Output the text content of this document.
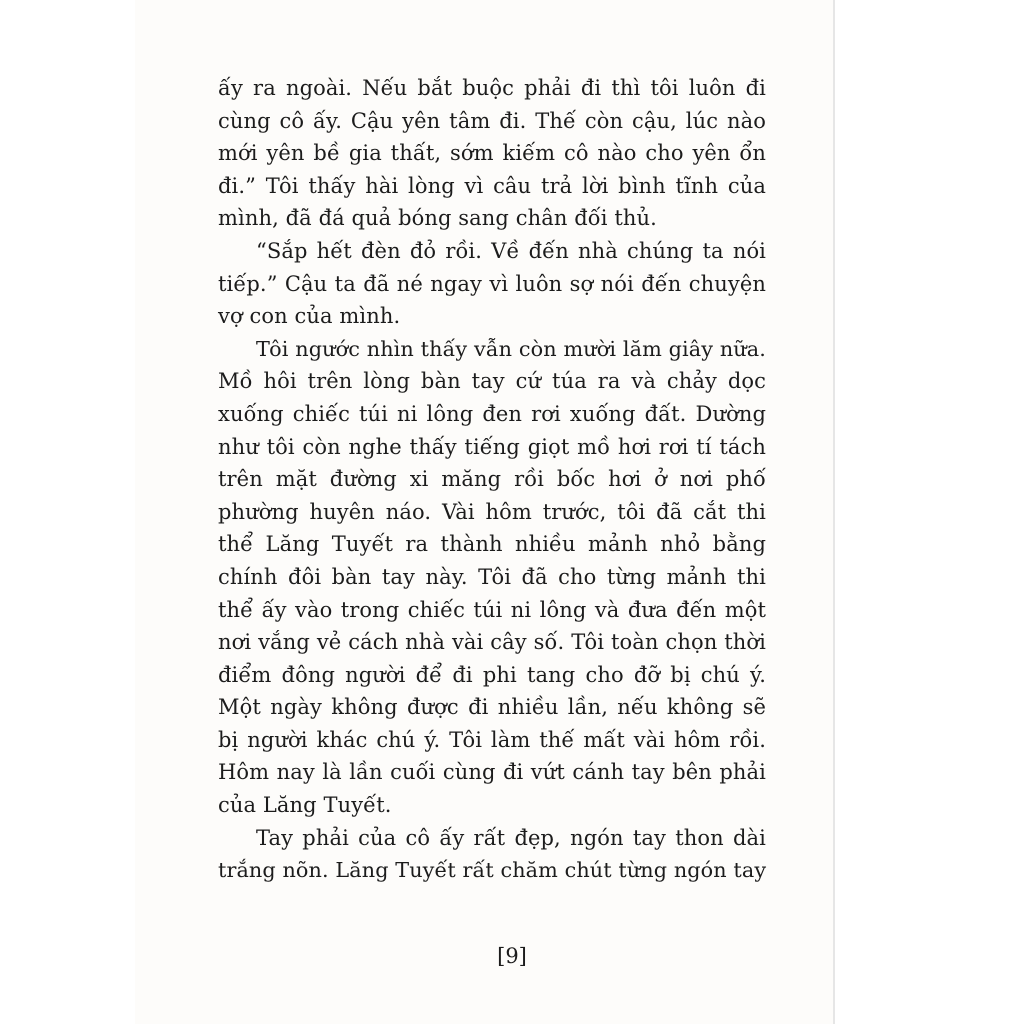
ấy ra ngoài. Nếu bắt buộc phải đi thì tôi luôn đi
cùng cô ấy. Cậu yên tâm đi. Thế còn cậu, lúc nào
mới yên bề gia thất, sớm kiếm cô nào cho yên ổn
đi.” Tôi thấy hài lòng vì câu trả lời bình tĩnh của
mình, đã đá quả bóng sang chân đối thủ.
“Sắp hết đèn đỏ rồi. Về đến nhà chúng ta nói
tiếp.” Cậu ta đã né ngay vì luôn sợ nói đến chuyện
vợ con của mình.
Tôi ngước nhìn thấy vẫn còn mười lăm giây nữa.
Mồ hôi trên lòng bàn tay cứ túa ra và chảy dọc
xuống chiếc túi ni lông đen rơi xuống đất. Dường
như tôi còn nghe thấy tiếng giọt mồ hơi rơi tí tách
trên mặt đường xi măng rồi bốc hơi ở nơi phố
phường huyên náo. Vài hôm trước, tôi đã cắt thi
thể Lăng Tuyết ra thành nhiều mảnh nhỏ bằng
chính đôi bàn tay này. Tôi đã cho từng mảnh thi
thể ấy vào trong chiếc túi ni lông và đưa đến một
nơi vắng vẻ cách nhà vài cây số. Tôi toàn chọn thời
điểm đông người để đi phi tang cho đỡ bị chú ý.
Một ngày không được đi nhiều lần, nếu không sẽ
bị người khác chú ý. Tôi làm thế mất vài hôm rồi.
Hôm nay là lần cuối cùng đi vứt cánh tay bên phải
của Lăng Tuyết.
Tay phải của cô ấy rất đẹp, ngón tay thon dài
trắng nõn. Lăng Tuyết rất chăm chút từng ngón tay
[9]
